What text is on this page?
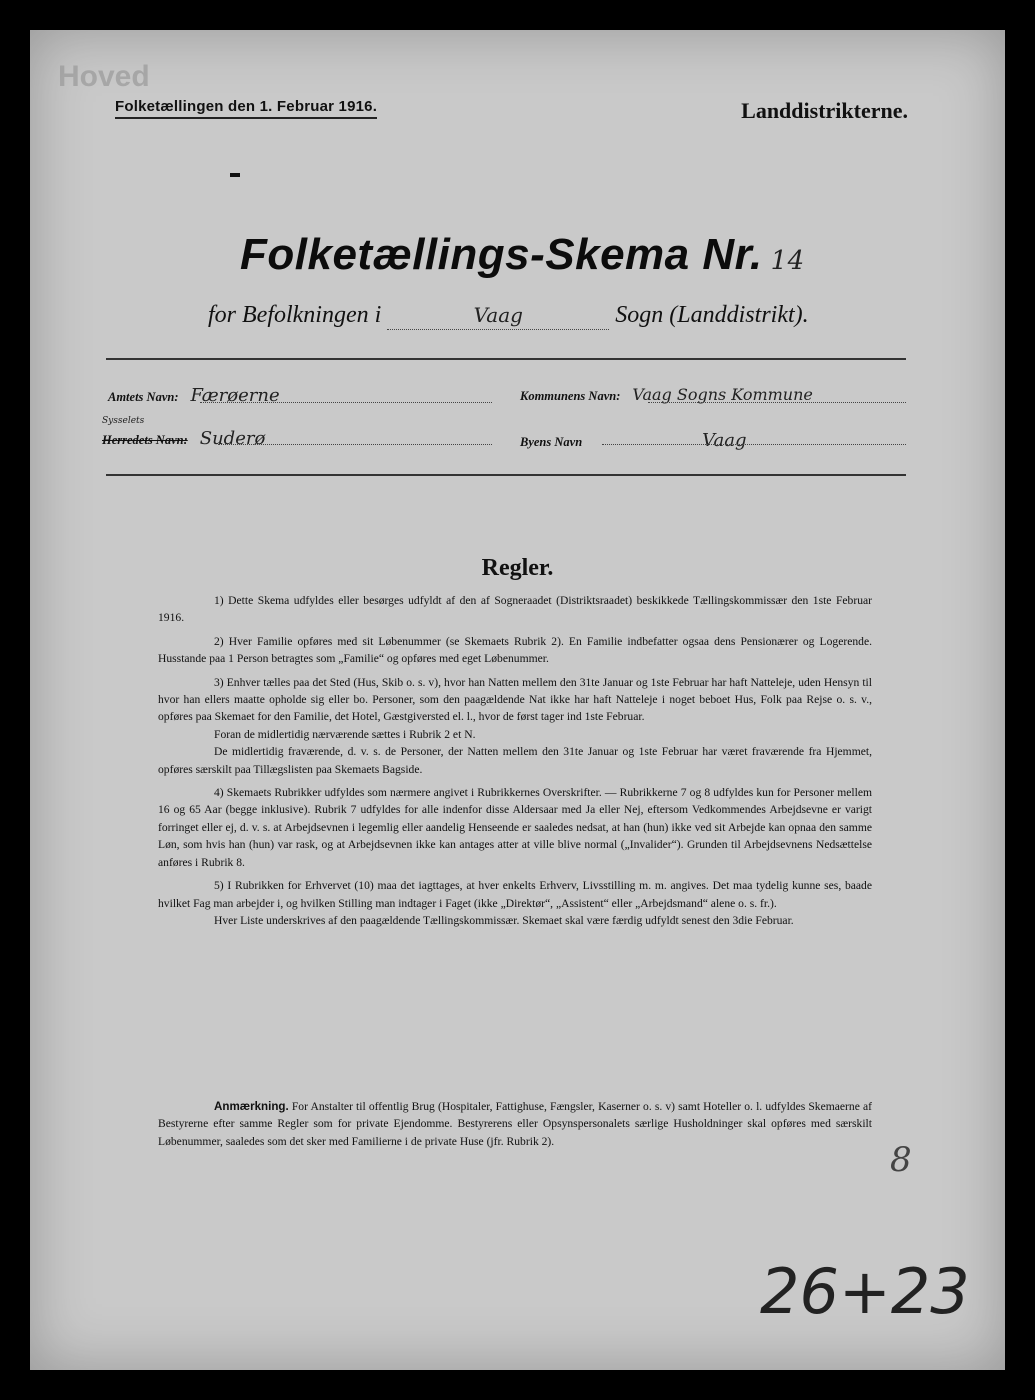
Hoved
Folketællingen den 1. Februar 1916.	Landdistrikterne.
Folketællings-Skema Nr. 14
for Befolkningen i	Vaag	Sogn (Landdistrikt).
Amtets Navn: Færøerne	Kommunens Navn: Vaag Sogns Kommune
Sysselets
Herredets Navn: Suderø	Byens Navn	Vaag
Regler.

1) Dette Skema udfyldes eller besørges udfyldt af den af Sogneraadet (Distriktsraadet) beskikkede Tællingskommissær den 1ste Februar 1916.

2) Hver Familie opføres med sit Løbenummer (se Skemaets Rubrik 2). En Familie indbefatter ogsaa dens Pensionærer og Logerende. Husstande paa 1 Person betragtes som „Familie“ og opføres med eget Løbenummer.

3) Enhver tælles paa det Sted (Hus, Skib o. s. v), hvor han Natten mellem den 31te Januar og 1ste Februar har haft Natteleje, uden Hensyn til hvor han ellers maatte opholde sig eller bo. Personer, som den paagældende Nat ikke har haft Natteleje i noget beboet Hus, Folk paa Rejse o. s. v., opføres paa Skemaet for den Familie, det Hotel, Gæstgiversted el. l., hvor de først tager ind 1ste Februar.

Foran de midlertidig nærværende sættes i Rubrik 2 et N.

De midlertidig fraværende, d. v. s. de Personer, der Natten mellem den 31te Januar og 1ste Februar har været fraværende fra Hjemmet, opføres særskilt paa Tillægslisten paa Skemaets Bagside.

4) Skemaets Rubrikker udfyldes som nærmere angivet i Rubrikkernes Overskrifter. — Rubrikkerne 7 og 8 udfyldes kun for Personer mellem 16 og 65 Aar (begge inklusive). Rubrik 7 udfyldes for alle indenfor disse Aldersaar med Ja eller Nej, eftersom Vedkommendes Arbejdsevne er varigt forringet eller ej, d. v. s. at Arbejdsevnen i legemlig eller aandelig Henseende er saaledes nedsat, at han (hun) ikke ved sit Arbejde kan opnaa den samme Løn, som hvis han (hun) var rask, og at Arbejdsevnen ikke kan antages atter at ville blive normal („Invalider“). Grunden til Arbejdsevnens Nedsættelse anføres i Rubrik 8.

5) I Rubrikken for Erhvervet (10) maa det iagttages, at hver enkelts Erhverv, Livsstilling m. m. angives. Det maa tydelig kunne ses, baade hvilket Fag man arbejder i, og hvilken Stilling man indtager i Faget (ikke „Direktør“, „Assistent“ eller „Arbejdsmand“ alene o. s. fr.).

Hver Liste underskrives af den paagældende Tællingskommissær. Skemaet skal være færdig udfyldt senest den 3die Februar.

Anmærkning. For Anstalter til offentlig Brug (Hospitaler, Fattighuse, Fængsler, Kaserner o. s. v) samt Hoteller o. l. udfyldes Skemaerne af Bestyrerne efter samme Regler som for private Ejendomme. Bestyrerens eller Opsynspersonalets særlige Husholdninger skal opføres med særskilt Løbenummer, saaledes som det sker med Familierne i de private Huse (jfr. Rubrik 2).	8
26+23
